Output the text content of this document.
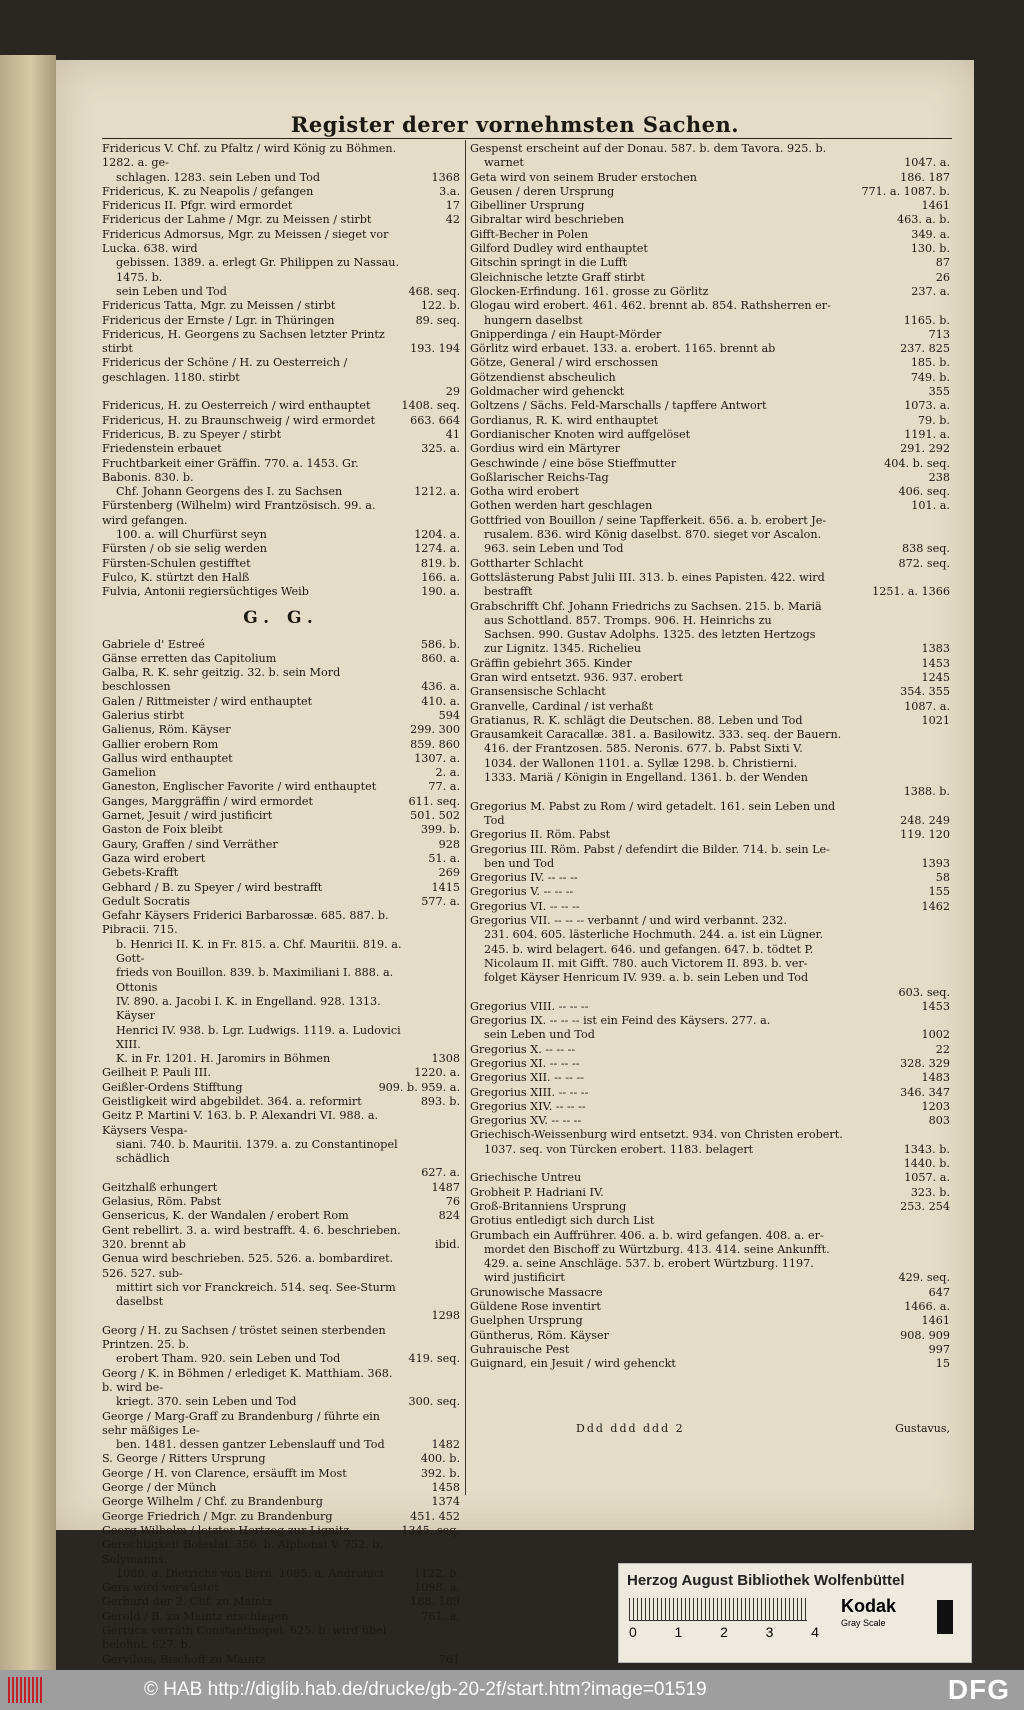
Register derer vornehmsten Sachen.
Fridericus V. Chf. zu Pfaltz / wird König zu Böhmen. 1282. a. ge-
schlagen. 1283. sein Leben und Tod	1368
Fridericus, K. zu Neapolis / gefangen	3.a.
Fridericus II. Pfgr. wird ermordet	17
Fridericus der Lahme / Mgr. zu Meissen / stirbt	42
Fridericus Admorsus, Mgr. zu Meissen / sieget vor Lucka. 638. wird
gebissen. 1389. a. erlegt Gr. Philippen zu Nassau. 1475. b.
sein Leben und Tod	468. seq.
Fridericus Tatta, Mgr. zu Meissen / stirbt	122. b.
Fridericus der Ernste / Lgr. in Thüringen	89. seq.
Fridericus, H. Georgens zu Sachsen letzter Printz stirbt	193. 194
Fridericus der Schöne / H. zu Oesterreich / geschlagen. 1180. stirbt
29
Fridericus, H. zu Oesterreich / wird enthauptet	1408. seq.
Fridericus, H. zu Braunschweig / wird ermordet	663. 664
Fridericus, B. zu Speyer / stirbt	41
Friedenstein erbauet	325. a.
Fruchtbarkeit einer Gräffin. 770. a. 1453. Gr. Babonis. 830. b.
Chf. Johann Georgens des I. zu Sachsen	1212. a.
Fürstenberg (Wilhelm) wird Frantzösisch. 99. a. wird gefangen.
100. a. will Churfürst seyn	1204. a.
Fürsten / ob sie selig werden	1274. a.
Fürsten-Schulen gestifftet	819. b.
Fulco, K. stürtzt den Halß	166. a.
Fulvia, Antonii regiersüchtiges Weib	190. a.
G. G.
Gabriele d' Estreé	586. b.
Gänse erretten das Capitolium	860. a.
Galba, R. K. sehr geitzig. 32. b. sein Mord beschlossen	436. a.
Galen / Rittmeister / wird enthauptet	410. a.
Galerius stirbt	594
Galienus, Röm. Käyser	299. 300
Gallier erobern Rom	859. 860
Gallus wird enthauptet	1307. a.
Gamelion	2. a.
Ganeston, Englischer Favorite / wird enthauptet	77. a.
Ganges, Marggräffin / wird ermordet	611. seq.
Garnet, Jesuit / wird justificirt	501. 502
Gaston de Foix bleibt	399. b.
Gaury, Graffen / sind Verräther	928
Gaza wird erobert	51. a.
Gebets-Krafft	269
Gebhard / B. zu Speyer / wird bestrafft	1415
Gedult Socratis	577. a.
Gefahr Käysers Friderici Barbarossæ. 685. 887. b. Pibracii. 715.
b. Henrici II. K. in Fr. 815. a. Chf. Mauritii. 819. a. Gott-
frieds von Bouillon. 839. b. Maximiliani I. 888. a. Ottonis
IV. 890. a. Jacobi I. K. in Engelland. 928. 1313. Käyser
Henrici IV. 938. b. Lgr. Ludwigs. 1119. a. Ludovici XIII.
K. in Fr. 1201. H. Jaromirs in Böhmen	1308
Geilheit P. Pauli III.	1220. a.
Geißler-Ordens Stifftung	909. b. 959. a.
Geistligkeit wird abgebildet. 364. a. reformirt	893. b.
Geitz P. Martini V. 163. b. P. Alexandri VI. 988. a. Käysers Vespa-
siani. 740. b. Mauritii. 1379. a. zu Constantinopel schädlich
627. a.
Geitzhalß erhungert	1487
Gelasius, Röm. Pabst	76
Gensericus, K. der Wandalen / erobert Rom	824
Gent rebellirt. 3. a. wird bestrafft. 4. 6. beschrieben. 320. brennt ab	ibid.
Genua wird beschrieben. 525. 526. a. bombardiret. 526. 527. sub-
mittirt sich vor Franckreich. 514. seq. See-Sturm daselbst
1298
Georg / H. zu Sachsen / tröstet seinen sterbenden Printzen. 25. b.
erobert Tham. 920. sein Leben und Tod	419. seq.
Georg / K. in Böhmen / erlediget K. Matthiam. 368. b. wird be-
kriegt. 370. sein Leben und Tod	300. seq.
George / Marg-Graff zu Brandenburg / führte ein sehr mäßiges Le-
ben. 1481. dessen gantzer Lebenslauff und Tod	1482
S. George / Ritters Ursprung	400. b.
George / H. von Clarence, ersäufft im Most	392. b.
George / der Münch	1458
George Wilhelm / Chf. zu Brandenburg	1374
George Friedrich / Mgr. zu Brandenburg	451. 452
Georg Wilhelm / letzter Hertzog zur Lignitz	1345. seq.
Gerechtigkeit Boleslai. 356. b. Alphonsi V. 752. b. Solymanns.
1080. a. Dietrichs von Bern. 1085. a. Andronici	1122. b.
Gera wird verwüstet	1098. a.
Gerhard der 2. Chf. zu Maintz	188. 189
Gerold / B. zu Maintz erschlagen	761. a.
Gertuca verräth Constantinopel. 625. b. wird übel belohnt. 627. b.
Gervilius, Bischoff zu Maintz	761
Gespenst erscheint auf der Donau. 587. b. dem Tavora. 925. b.
warnet	1047. a.
Geta wird von seinem Bruder erstochen	186. 187
Geusen / deren Ursprung	771. a. 1087. b.
Gibelliner Ursprung	1461
Gibraltar wird beschrieben	463. a. b.
Gifft-Becher in Polen	349. a.
Gilford Dudley wird enthauptet	130. b.
Gitschin springt in die Lufft	87
Gleichnische letzte Graff stirbt	26
Glocken-Erfindung. 161. grosse zu Görlitz	237. a.
Glogau wird erobert. 461. 462. brennt ab. 854. Rathsherren er-
hungern daselbst	1165. b.
Gnipperdinga / ein Haupt-Mörder	713
Görlitz wird erbauet. 133. a. erobert. 1165. brennt ab	237. 825
Götze, General / wird erschossen	185. b.
Götzendienst abscheulich	749. b.
Goldmacher wird gehenckt	355
Goltzens / Sächs. Feld-Marschalls / tapffere Antwort	1073. a.
Gordianus, R. K. wird enthauptet	79. b.
Gordianischer Knoten wird auffgelöset	1191. a.
Gordius wird ein Märtyrer	291. 292
Geschwinde / eine böse Stieffmutter	404. b. seq.
Goßlarischer Reichs-Tag	238
Gotha wird erobert	406. seq.
Gothen werden hart geschlagen	101. a.
Gottfried von Bouillon / seine Tapfferkeit. 656. a. b. erobert Je-
rusalem. 836. wird König daselbst. 870. sieget vor Ascalon.
963. sein Leben und Tod	838 seq.
Gottharter Schlacht	872. seq.
Gottslästerung Pabst Julii III. 313. b. eines Papisten. 422. wird
bestrafft	1251. a. 1366
Grabschrifft Chf. Johann Friedrichs zu Sachsen. 215. b. Mariä
aus Schottland. 857. Tromps. 906. H. Heinrichs zu
Sachsen. 990. Gustav Adolphs. 1325. des letzten Hertzogs
zur Lignitz. 1345. Richelieu	1383
Gräffin gebiehrt 365. Kinder	1453
Gran wird entsetzt. 936. 937. erobert	1245
Gransensische Schlacht	354. 355
Granvelle, Cardinal / ist verhaßt	1087. a.
Gratianus, R. K. schlägt die Deutschen. 88. Leben und Tod	1021
Grausamkeit Caracallæ. 381. a. Basilowitz. 333. seq. der Bauern.
416. der Frantzosen. 585. Neronis. 677. b. Pabst Sixti V.
1034. der Wallonen 1101. a. Syllæ 1298. b. Christierni.
1333. Mariä / Königin in Engelland. 1361. b. der Wenden
1388. b.
Gregorius M. Pabst zu Rom / wird getadelt. 161. sein Leben und
Tod	248. 249
Gregorius II. Röm. Pabst	119. 120
Gregorius III. Röm. Pabst / defendirt die Bilder. 714. b. sein Le-
ben und Tod	1393
Gregorius IV. -- -- --	58
Gregorius V. -- -- --	155
Gregorius VI. -- -- --	1462
Gregorius VII. -- -- -- verbannt / und wird verbannt. 232.
231. 604. 605. lästerliche Hochmuth. 244. a. ist ein Lügner.
245. b. wird belagert. 646. und gefangen. 647. b. tödtet P.
Nicolaum II. mit Gifft. 780. auch Victorem II. 893. b. ver-
folget Käyser Henricum IV. 939. a. b. sein Leben und Tod
603. seq.
Gregorius VIII. -- -- --	1453
Gregorius IX. -- -- -- ist ein Feind des Käysers. 277. a.
sein Leben und Tod	1002
Gregorius X. -- -- --	22
Gregorius XI. -- -- --	328. 329
Gregorius XII. -- -- --	1483
Gregorius XIII. -- -- --	346. 347
Gregorius XIV. -- -- --	1203
Gregorius XV. -- -- --	803
Griechisch-Weissenburg wird entsetzt. 934. von Christen erobert.
1037. seq. von Türcken erobert. 1183. belagert	1343. b.
1440. b.
Griechische Untreu	1057. a.
Grobheit P. Hadriani IV.	323. b.
Groß-Britanniens Ursprung	253. 254
Grotius entledigt sich durch List
Grumbach ein Auffrührer. 406. a. b. wird gefangen. 408. a. er-
mordet den Bischoff zu Würtzburg. 413. 414. seine Ankunfft.
429. a. seine Anschläge. 537. b. erobert Würtzburg. 1197.
wird justificirt	429. seq.
Grunowische Massacre	647
Güldene Rose inventirt	1466. a.
Guelphen Ursprung	1461
Güntherus, Röm. Käyser	908. 909
Guhrauische Pest	997
Guignard, ein Jesuit / wird gehenckt	15
Ddd ddd ddd 2	Gustavus,
Herzog August Bibliothek Wolfenbüttel
0	1	2	3	4
Kodak
Gray Scale
© HAB http://diglib.hab.de/drucke/gb-20-2f/start.htm?image=01519	DFG
